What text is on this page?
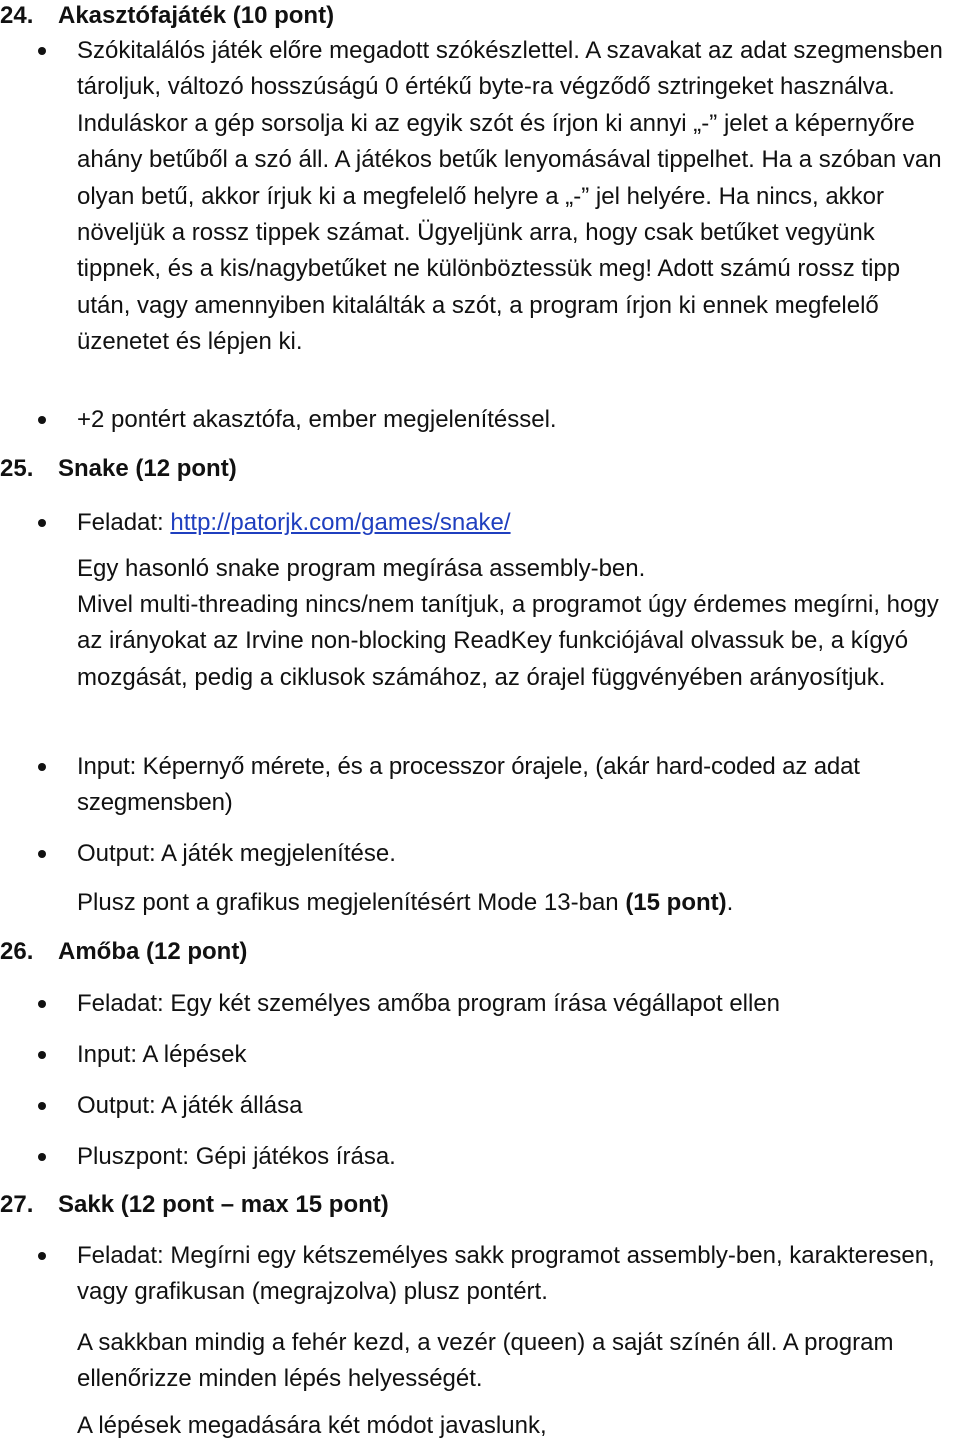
24. Akasztófajáték (10 pont)

Szókitalálós játék előre megadott szókészlettel. A szavakat az adat szegmensben tároljuk, változó hosszúságú 0 értékű byte-ra végződő sztringeket használva. Induláskor a gép sorsolja ki az egyik szót és írjon ki annyi „-” jelet a képernyőre ahány betűből a szó áll. A játékos betűk lenyomásával tippelhet. Ha a szóban van olyan betű, akkor írjuk ki a megfelelő helyre a „-” jel helyére. Ha nincs, akkor növeljük a rossz tippek számat. Ügyeljünk arra, hogy csak betűket vegyünk tippnek, és a kis/nagybetűket ne különböztessük meg! Adott számú rossz tipp után, vagy amennyiben kitalálták a szót, a program írjon ki ennek megfelelő üzenetet és lépjen ki.

+2 pontért akasztófa, ember megjelenítéssel.

25. Snake (12 pont)

Feladat: http://patorjk.com/games/snake/

Egy hasonló snake program megírása assembly-ben.

Mivel multi-threading nincs/nem tanítjuk, a programot úgy érdemes megírni, hogy az irányokat az Irvine non-blocking ReadKey funkciójával olvassuk be, a kígyó mozgását, pedig a ciklusok számához, az órajel függvényében arányosítjuk.

Input: Képernyő mérete, és a processzor órajele, (akár hard-coded az adat szegmensben)

Output: A játék megjelenítése.

Plusz pont a grafikus megjelenítésért Mode 13-ban (15 pont).

26. Amőba (12 pont)

Feladat: Egy két személyes amőba program írása végállapot ellen

Input: A lépések

Output: A játék állása

Pluszpont: Gépi játékos írása.

27. Sakk (12 pont – max 15 pont)

Feladat: Megírni egy kétszemélyes sakk programot assembly-ben, karakteresen, vagy grafikusan (megrajzolva) plusz pontért.

A sakkban mindig a fehér kezd, a vezér (queen) a saját színén áll. A program ellenőrizze minden lépés helyességét.

A lépések megadására két módot javaslunk,
